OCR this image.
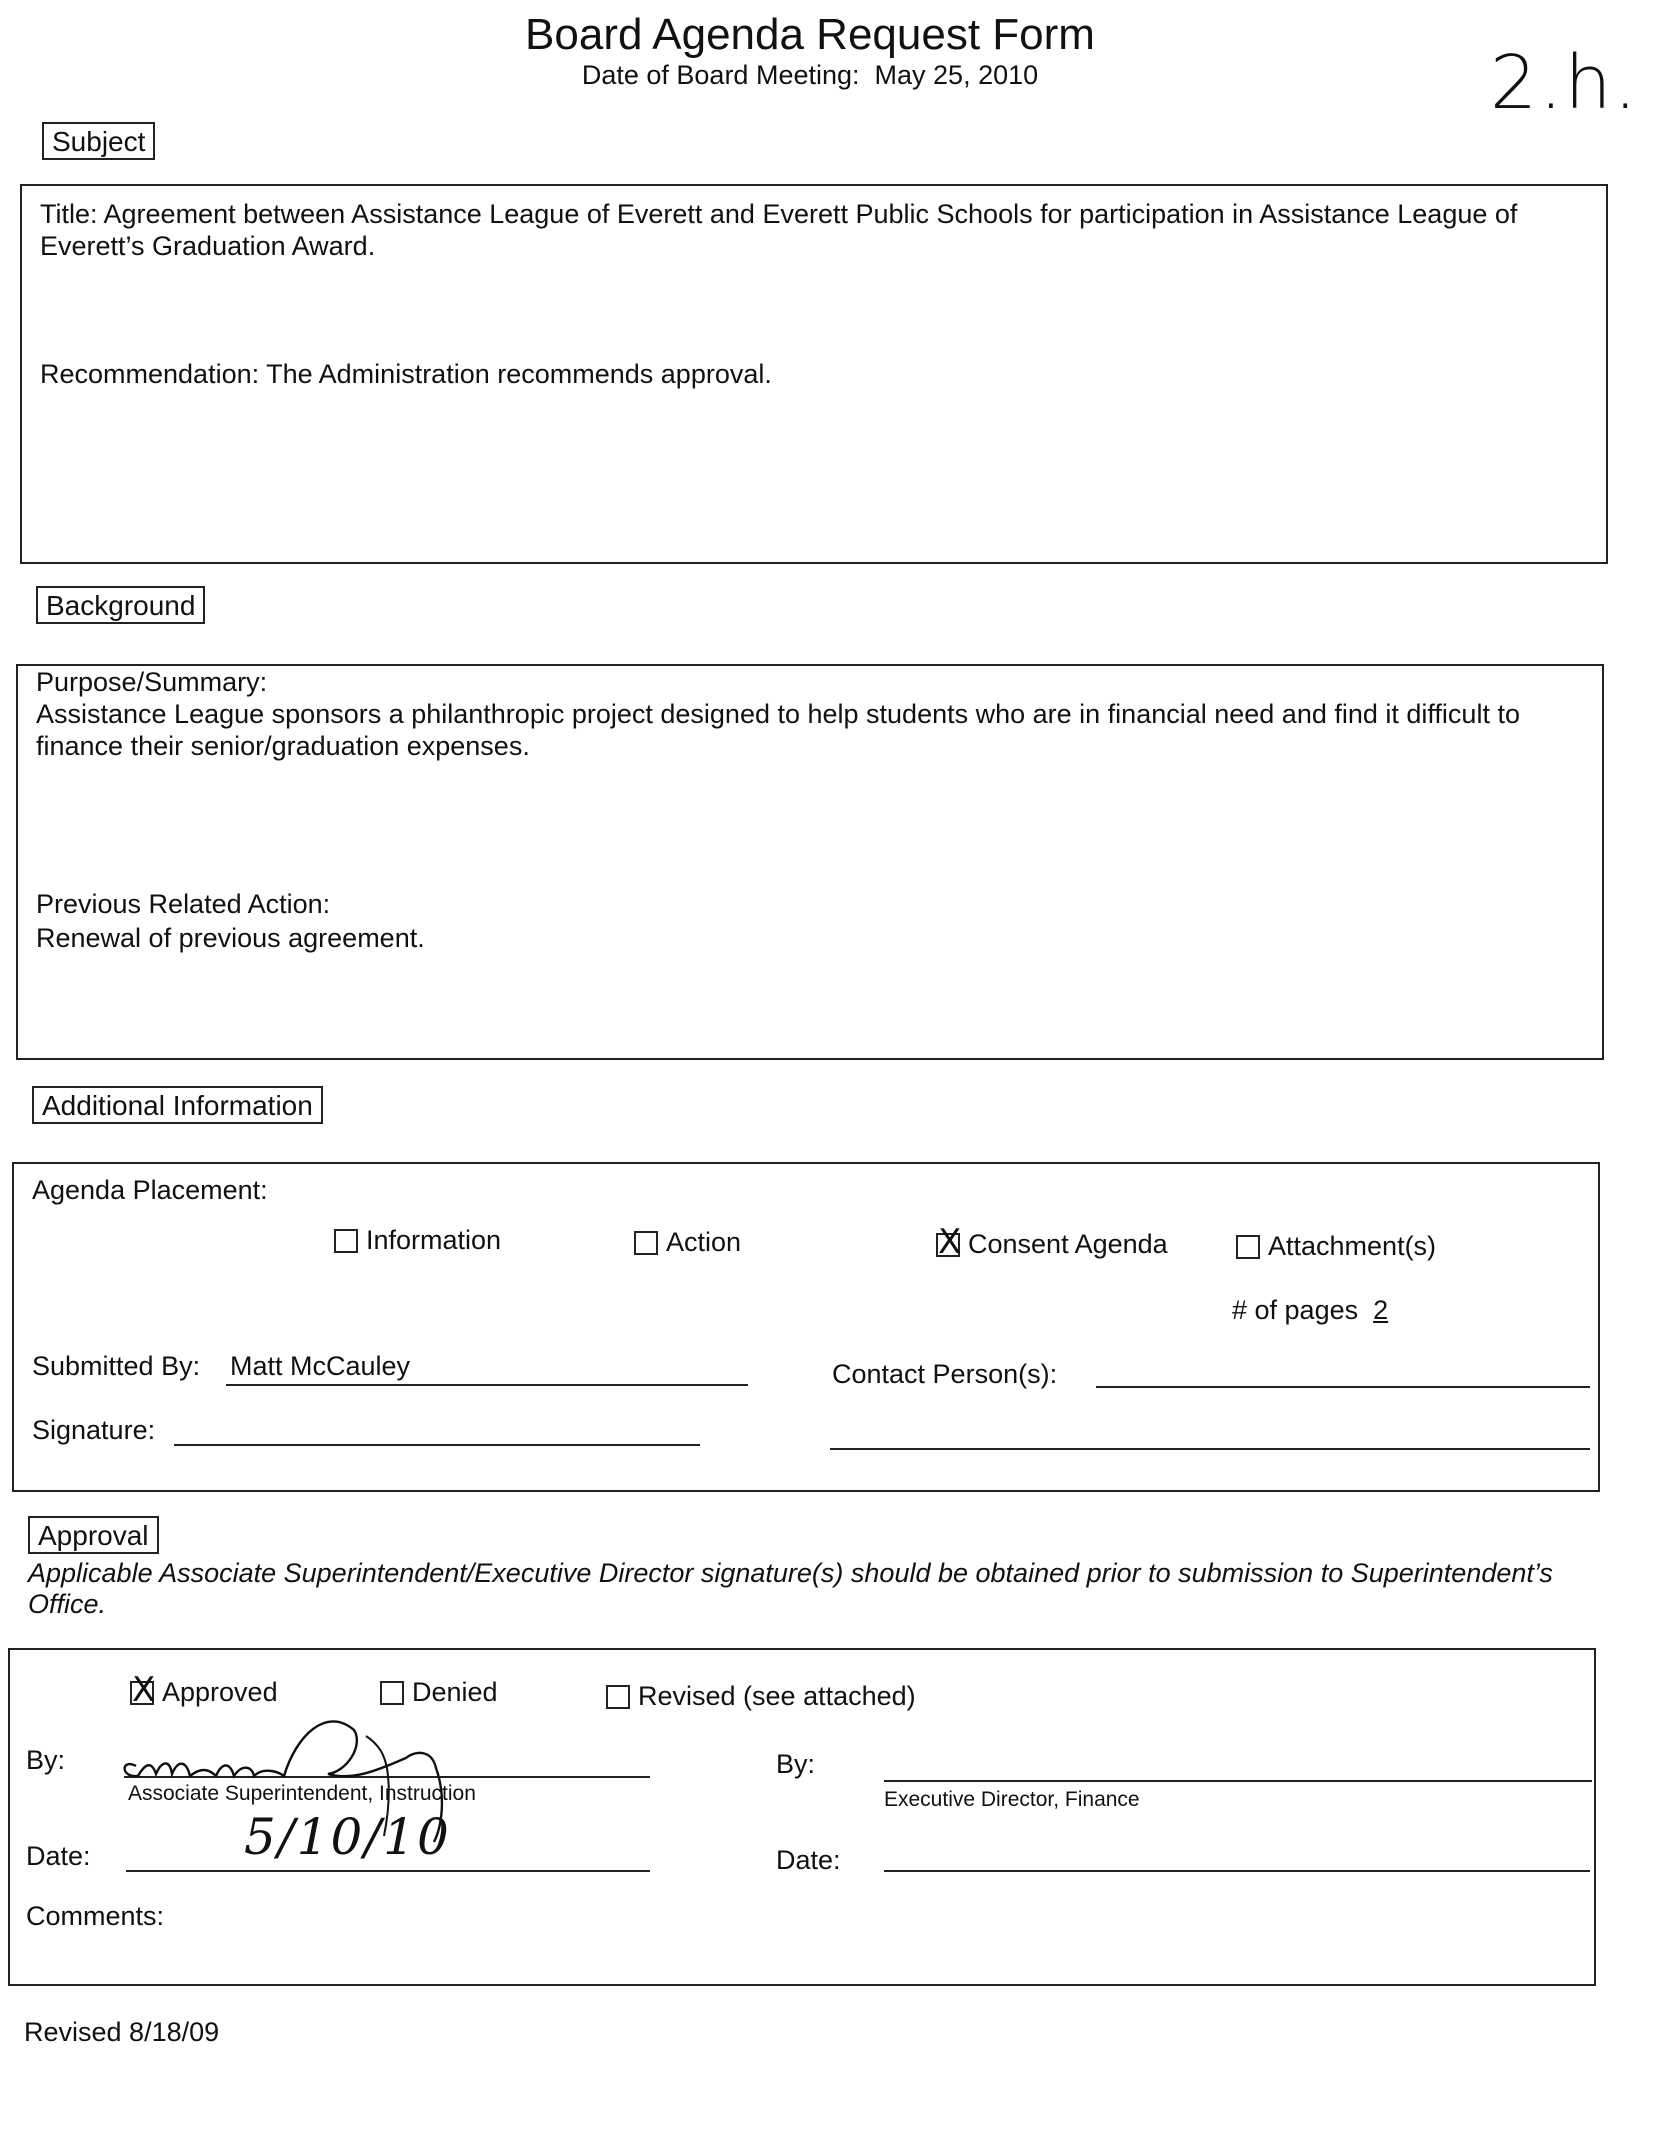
Board Agenda Request Form
Date of Board Meeting: May 25, 2010	2.h.
Subject
Title: Agreement between Assistance League of Everett and Everett Public Schools for participation in Assistance League of Everett’s Graduation Award.
Recommendation: The Administration recommends approval.
Background
Purpose/Summary:
Assistance League sponsors a philanthropic project designed to help students who are in financial need and find it difficult to finance their senior/graduation expenses.
Previous Related Action:
Renewal of previous agreement.
Additional Information
Agenda Placement:
Information	Action	X Consent Agenda	Attachment(s)
# of pages 2
Submitted By: Matt McCauley	Contact Person(s):
Signature:
Approval
Applicable Associate Superintendent/Executive Director signature(s) should be obtained prior to submission to Superintendent’s Office.
X Approved	Denied	Revised (see attached)
By:
Associate Superintendent, Instruction
Date:	5/10/10
By:
Executive Director, Finance
Date:
Comments:
Revised 8/18/09
